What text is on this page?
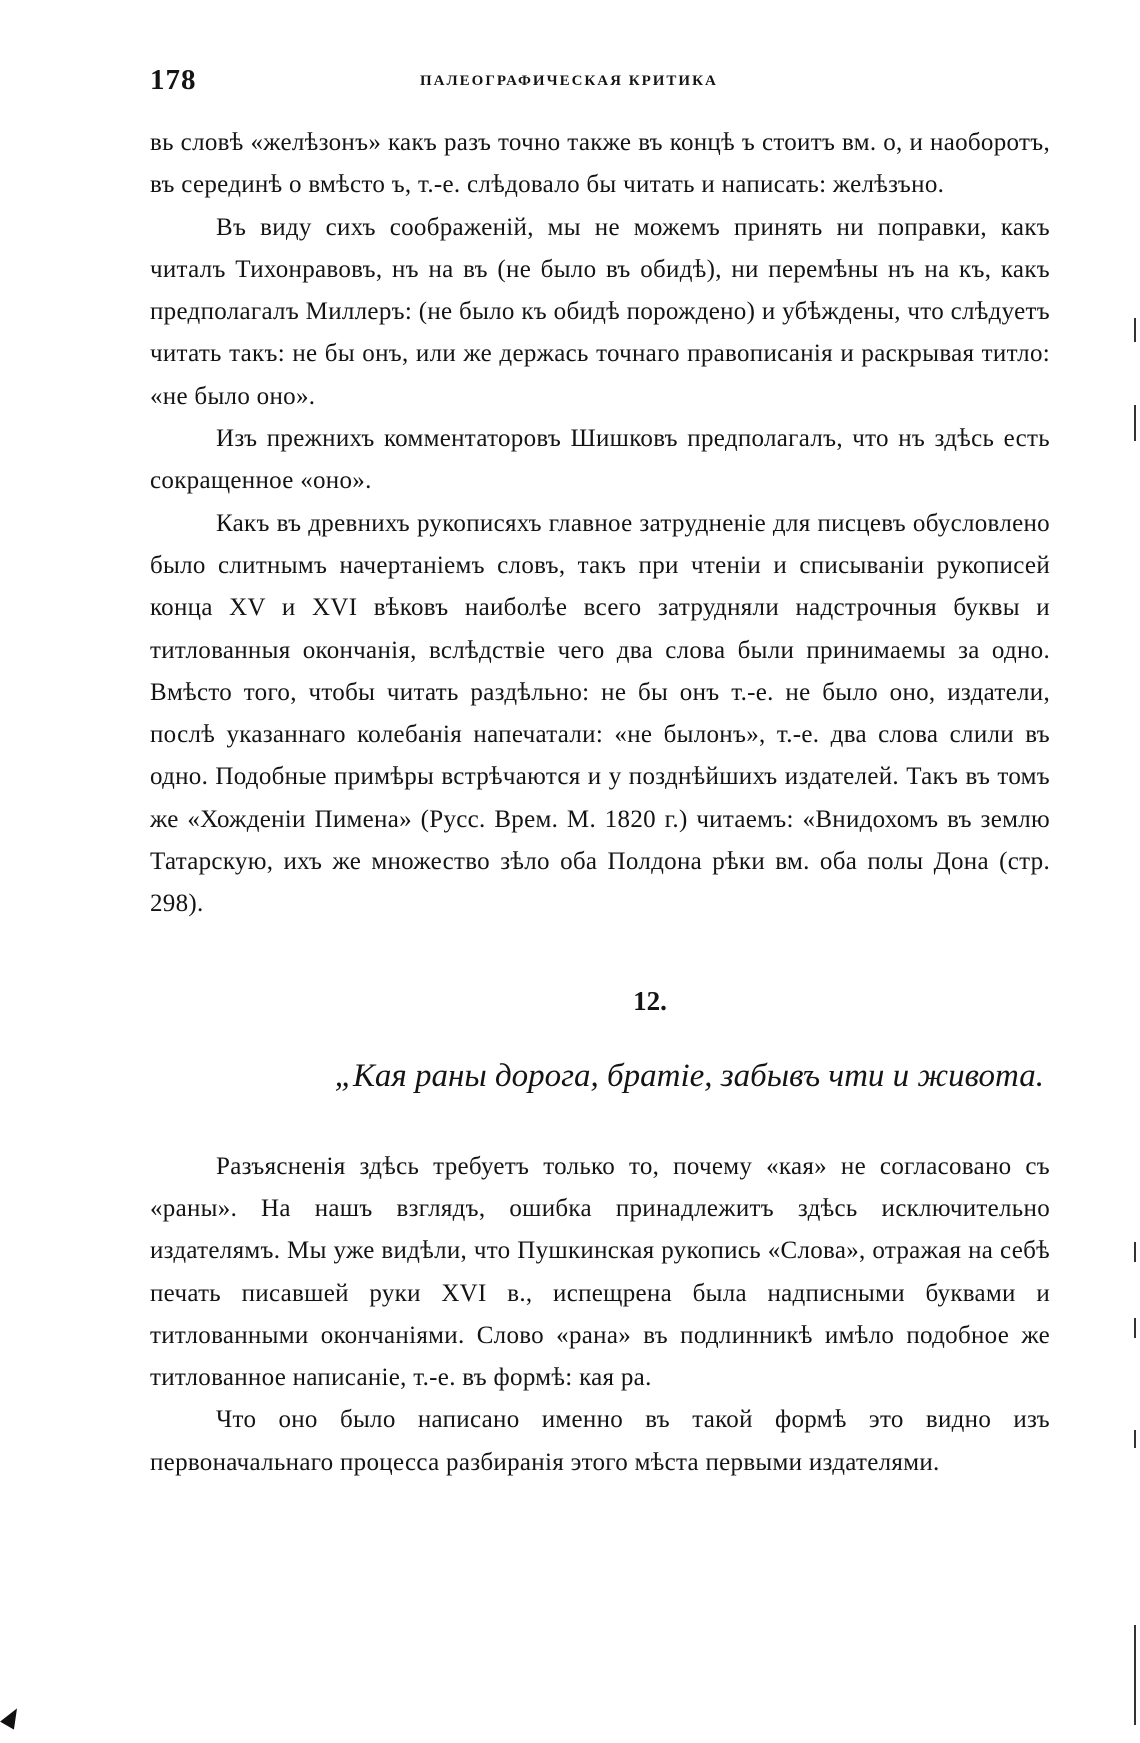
178	ПАЛЕОГРАФИЧЕСКАЯ КРИТИКА

вь словѣ «желѣзонъ» какъ разъ точно также въ концѣ ъ стоитъ вм. о, и наоборотъ, въ серединѣ о вмѣсто ъ, т.-е. слѣдовало бы читать и написать: желѣзъно.

Въ виду сихъ соображеній, мы не можемъ принять ни поправки, какъ читалъ Тихонравовъ, нъ на въ (не было въ обидѣ), ни перемѣны нъ на къ, какъ предполагалъ Миллеръ: (не было къ обидѣ порождено) и убѣждены, что слѣдуетъ читать такъ: не бы онъ, или же держась точнаго правописанія и раскрывая титло: «не было оно».

Изъ прежнихъ комментаторовъ Шишковъ предполагалъ, что нъ здѣсь есть сокращенное «оно».

Какъ въ древнихъ рукописяхъ главное затрудненіе для писцевъ обусловлено было слитнымъ начертаніемъ словъ, такъ при чтеніи и списываніи рукописей конца XV и XVI вѣковъ наиболѣе всего затрудняли надстрочныя буквы и титлованныя окончанія, вслѣдствіе чего два слова были принимаемы за одно. Вмѣсто того, чтобы читать раздѣльно: не бы онъ т.-е. не было оно, издатели, послѣ указаннаго колебанія напечатали: «не былонъ», т.-е. два слова слили въ одно. Подобные примѣры встрѣчаются и у позднѣйшихъ издателей. Такъ въ томъ же «Хожденіи Пимена» (Русс. Врем. М. 1820 г.) читаемъ: «Внидохомъ въ землю Татарскую, ихъ же множество зѣло оба Полдона рѣки вм. оба полы Дона (стр. 298).

12.
„Кая раны дорога, братіе, забывъ чти и живота.

Разъясненія здѣсь требуетъ только то, почему «кая» не согласовано съ «раны». На нашъ взглядъ, ошибка принадлежитъ здѣсь исключительно издателямъ. Мы уже видѣли, что Пушкинская рукопись «Слова», отражая на себѣ печать писавшей руки XVI в., испещрена была надписными буквами и титлованными окончаніями. Слово «рана» въ подлинникѣ имѣло подобное же титлованное написаніе, т.-е. въ формѣ: кая ра.

Что оно было написано именно въ такой формѣ это видно изъ первоначальнаго процесса разбиранія этого мѣста первыми издателями.
